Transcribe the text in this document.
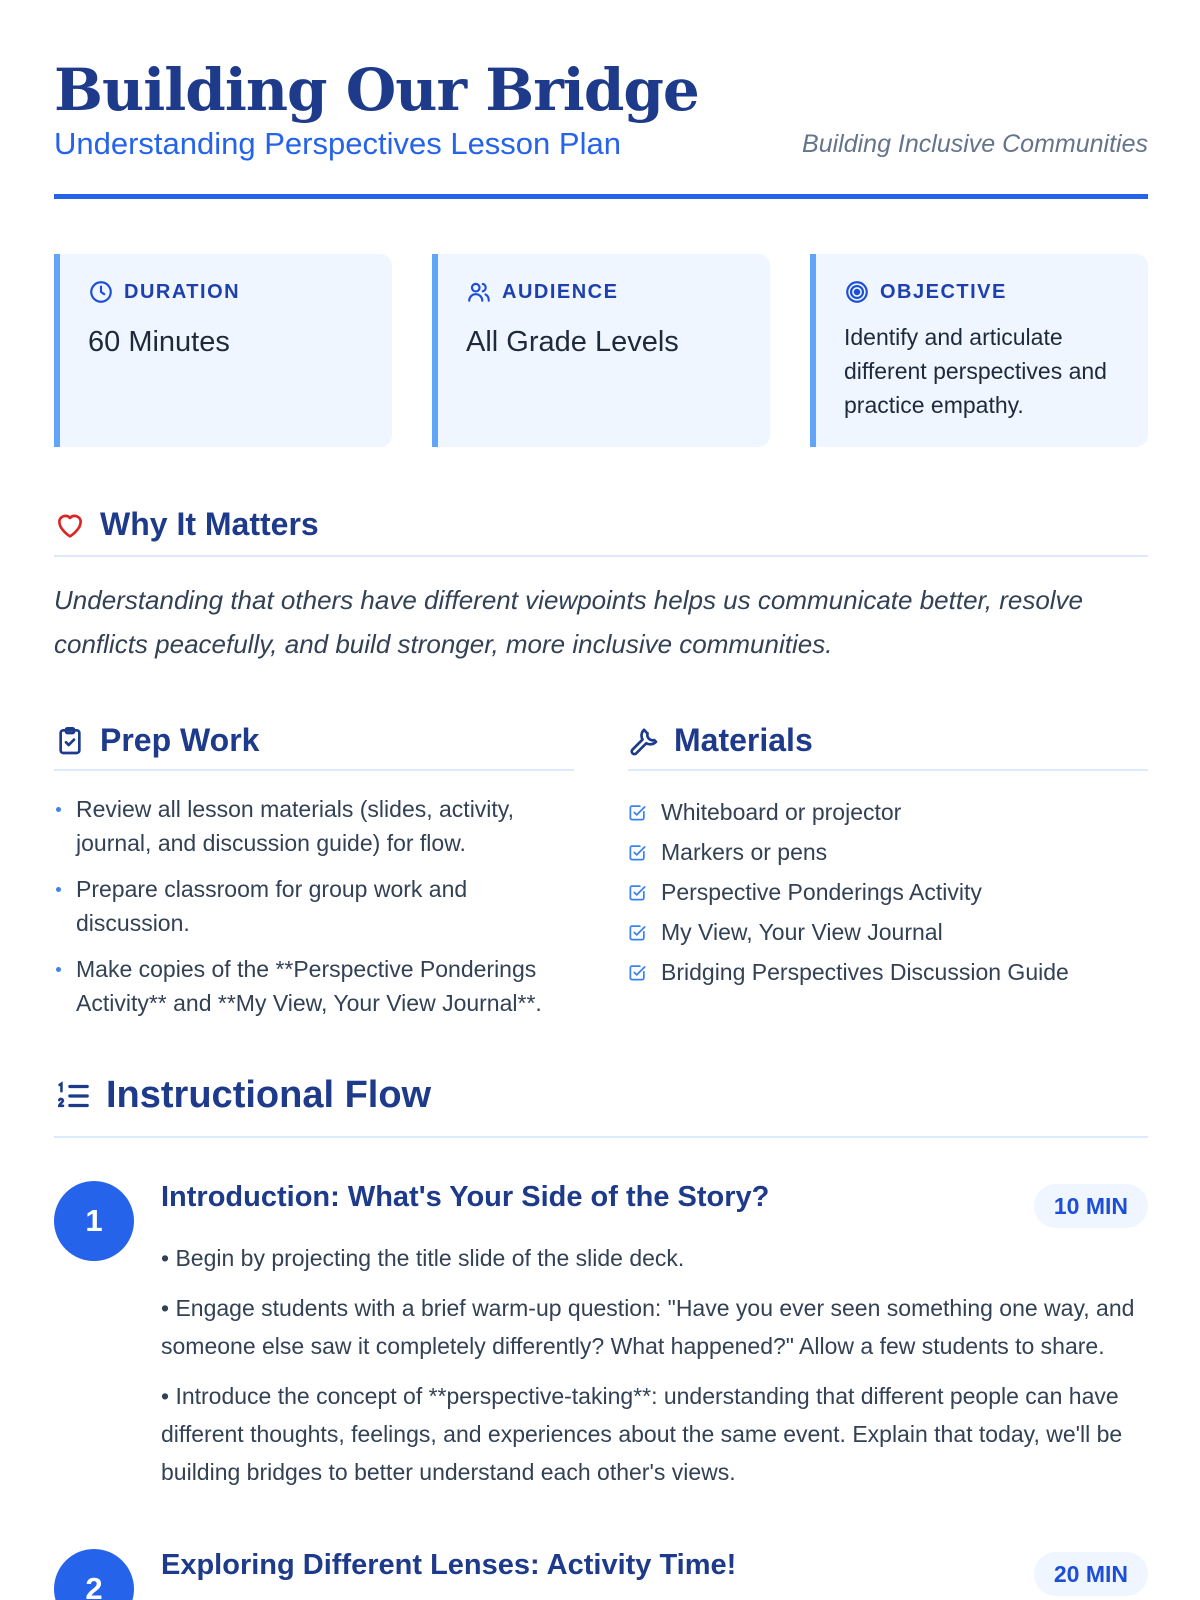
Building Our Bridge
Understanding Perspectives Lesson Plan	Building Inclusive Communities
DURATION
60 Minutes
AUDIENCE
All Grade Levels
OBJECTIVE
Identify and articulate different perspectives and practice empathy.
Why It Matters
Understanding that others have different viewpoints helps us communicate better, resolve conflicts peacefully, and build stronger, more inclusive communities.
Prep Work
Review all lesson materials (slides, activity, journal, and discussion guide) for flow.
Prepare classroom for group work and discussion.
Make copies of the **Perspective Ponderings Activity** and **My View, Your View Journal**.
Materials
Whiteboard or projector
Markers or pens
Perspective Ponderings Activity
My View, Your View Journal
Bridging Perspectives Discussion Guide
Instructional Flow
1
Introduction: What's Your Side of the Story?	10 MIN

• Begin by projecting the title slide of the slide deck.

• Engage students with a brief warm-up question: "Have you ever seen something one way, and someone else saw it completely differently? What happened?" Allow a few students to share.

• Introduce the concept of **perspective-taking**: understanding that different people can have different thoughts, feelings, and experiences about the same event. Explain that today, we'll be building bridges to better understand each other's views.

2
Exploring Different Lenses: Activity Time!	20 MIN
